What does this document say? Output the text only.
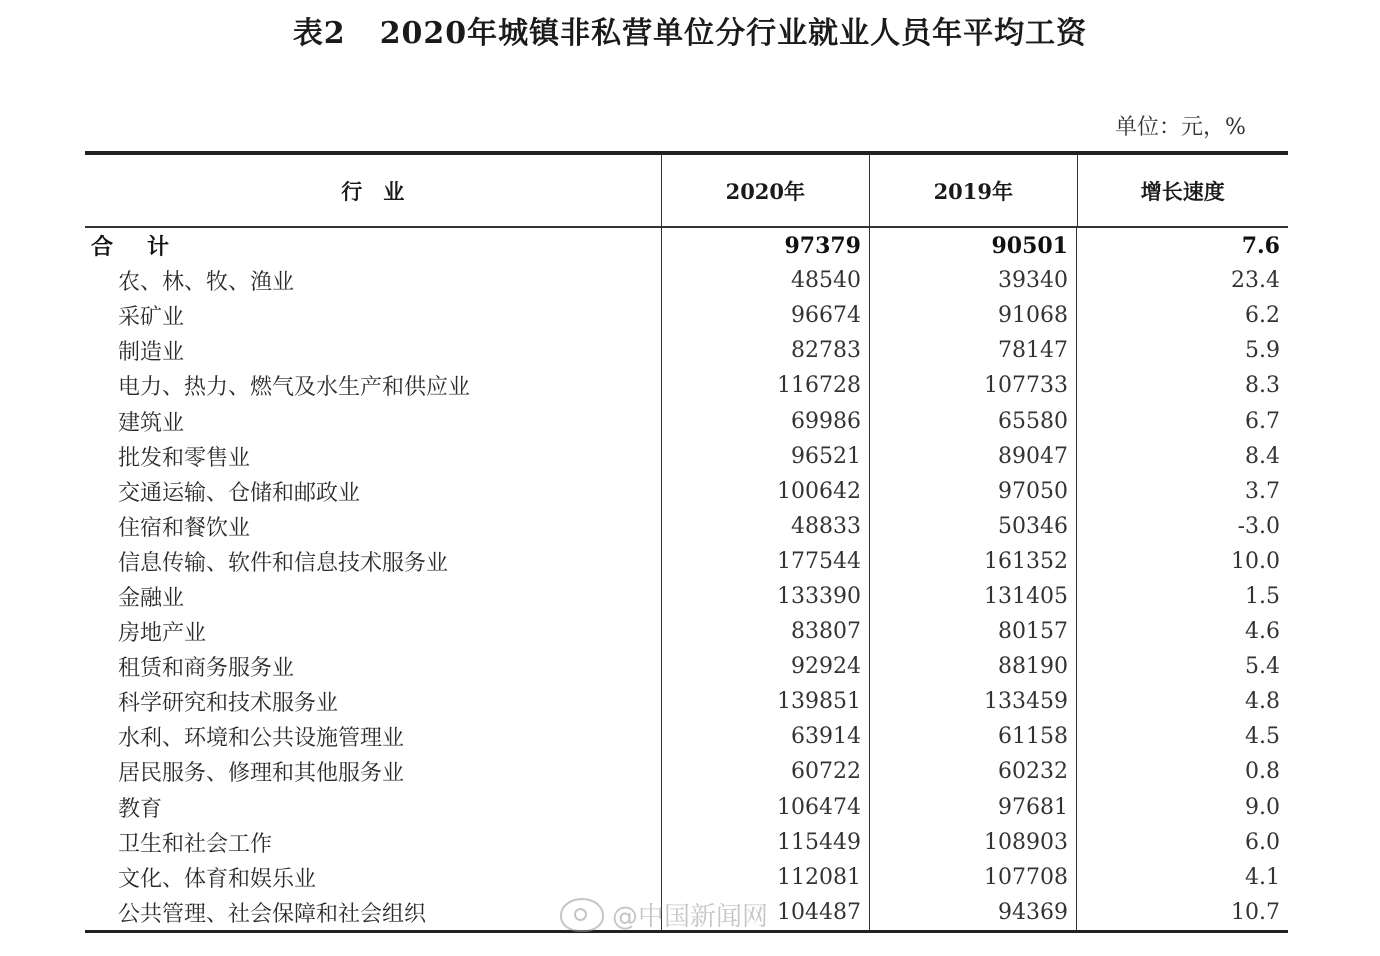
表2 2020年城镇非私营单位分行业就业人员年平均工资
单位：元，%
行　业	2020年	2019年	增长速度
合　计	97379	90501	7.6
农、林、牧、渔业	48540	39340	23.4
采矿业	96674	91068	6.2
制造业	82783	78147	5.9
电力、热力、燃气及水生产和供应业	116728	107733	8.3
建筑业	69986	65580	6.7
批发和零售业	96521	89047	8.4
交通运输、仓储和邮政业	100642	97050	3.7
住宿和餐饮业	48833	50346	-3.0
信息传输、软件和信息技术服务业	177544	161352	10.0
金融业	133390	131405	1.5
房地产业	83807	80157	4.6
租赁和商务服务业	92924	88190	5.4
科学研究和技术服务业	139851	133459	4.8
水利、环境和公共设施管理业	63914	61158	4.5
居民服务、修理和其他服务业	60722	60232	0.8
教育	106474	97681	9.0
卫生和社会工作	115449	108903	6.0
文化、体育和娱乐业	112081	107708	4.1
公共管理、社会保障和社会组织	104487	94369	10.7
@中国新闻网
